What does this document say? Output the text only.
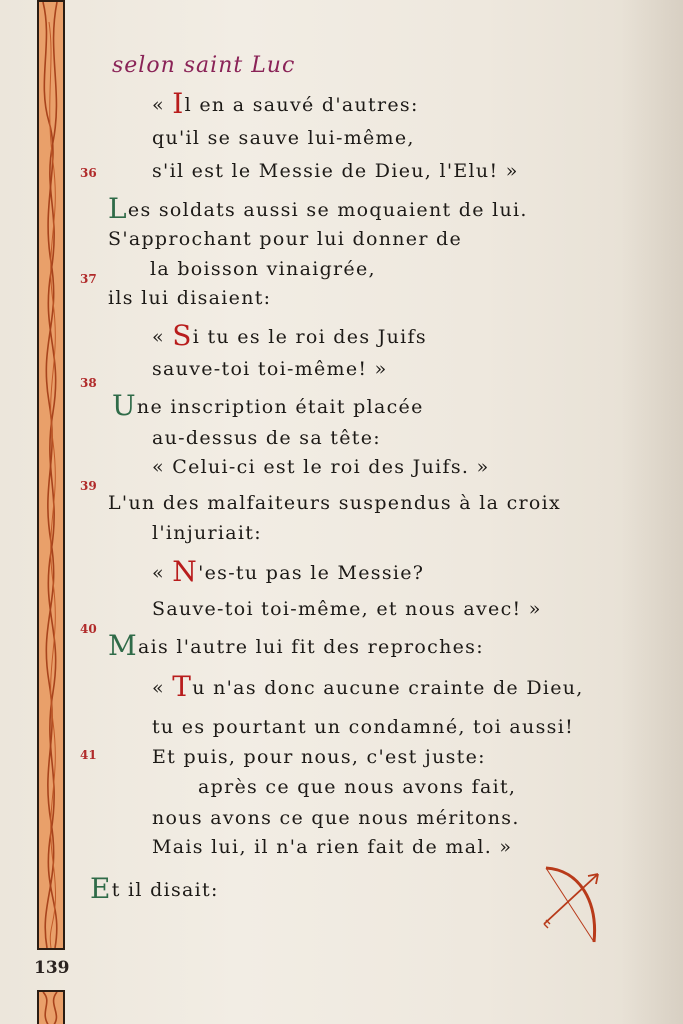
139
selon saint Luc
36
37
38
39
40
41
« Il en a sauvé d'autres:
qu'il se sauve lui-même,
s'il est le Messie de Dieu, l'Elu! »
Les soldats aussi se moquaient de lui.
S'approchant pour lui donner de
la boisson vinaigrée,
ils lui disaient:
« Si tu es le roi des Juifs
sauve-toi toi-même! »
Une inscription était placée
au-dessus de sa tête:
« Celui-ci est le roi des Juifs. »
L'un des malfaiteurs suspendus à la croix
l'injuriait:
« N'es-tu pas le Messie?
Sauve-toi toi-même, et nous avec! »
Mais l'autre lui fit des reproches:
« Tu n'as donc aucune crainte de Dieu,
tu es pourtant un condamné, toi aussi!
Et puis, pour nous, c'est juste:
après ce que nous avons fait,
nous avons ce que nous méritons.
Mais lui, il n'a rien fait de mal. »
Et il disait:
